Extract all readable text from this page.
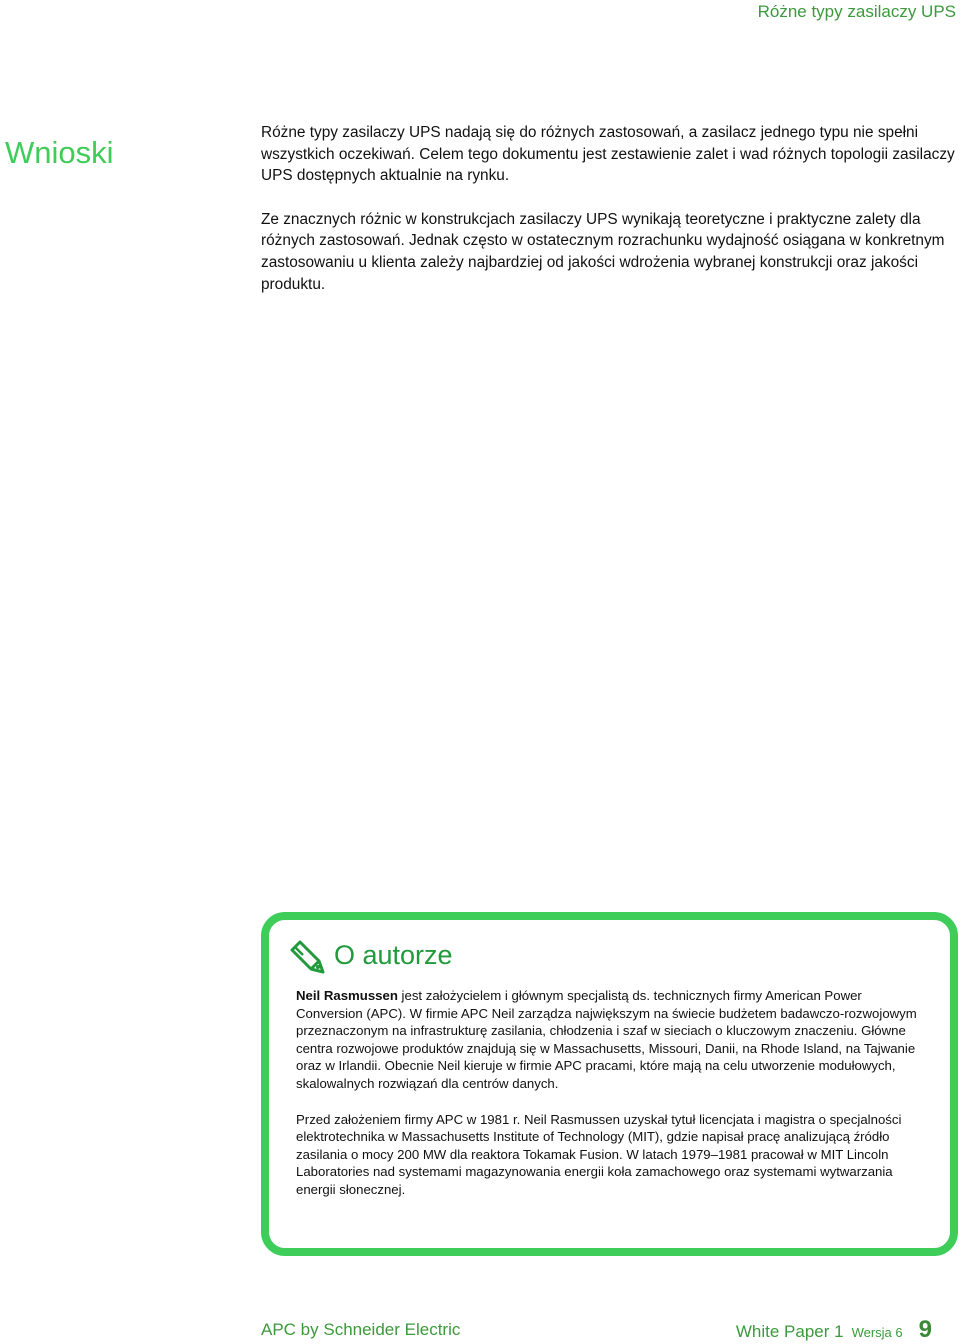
Różne typy zasilaczy UPS
Wnioski

Różne typy zasilaczy UPS nadają się do różnych zastosowań, a zasilacz jednego typu nie spełni wszystkich oczekiwań. Celem tego dokumentu jest zestawienie zalet i wad różnych topologii zasilaczy UPS dostępnych aktualnie na rynku.

Ze znacznych różnic w konstrukcjach zasilaczy UPS wynikają teoretyczne i praktyczne zalety dla różnych zastosowań. Jednak często w ostatecznym rozrachunku wydajność osiągana w konkretnym zastosowaniu u klienta zależy najbardziej od jakości wdrożenia wybranej konstrukcji oraz jakości produktu.

O autorze

Neil Rasmussen jest założycielem i głównym specjalistą ds. technicznych firmy American Power Conversion (APC). W firmie APC Neil zarządza największym na świecie budżetem badawczo-rozwojowym przeznaczonym na infrastrukturę zasilania, chłodzenia i szaf w sieciach o kluczowym znaczeniu. Główne centra rozwojowe produktów znajdują się w Massachusetts, Missouri, Danii, na Rhode Island, na Tajwanie oraz w Irlandii. Obecnie Neil kieruje w firmie APC pracami, które mają na celu utworzenie modułowych, skalowalnych rozwiązań dla centrów danych.

Przed założeniem firmy APC w 1981 r. Neil Rasmussen uzyskał tytuł licencjata i magistra o specjalności elektrotechnika w Massachusetts Institute of Technology (MIT), gdzie napisał pracę analizującą źródło zasilania o mocy 200 MW dla reaktora Tokamak Fusion. W latach 1979–1981 pracował w MIT Lincoln Laboratories nad systemami magazynowania energii koła zamachowego oraz systemami wytwarzania energii słonecznej.

APC by Schneider Electric	White Paper 1 Wersja 6 9
